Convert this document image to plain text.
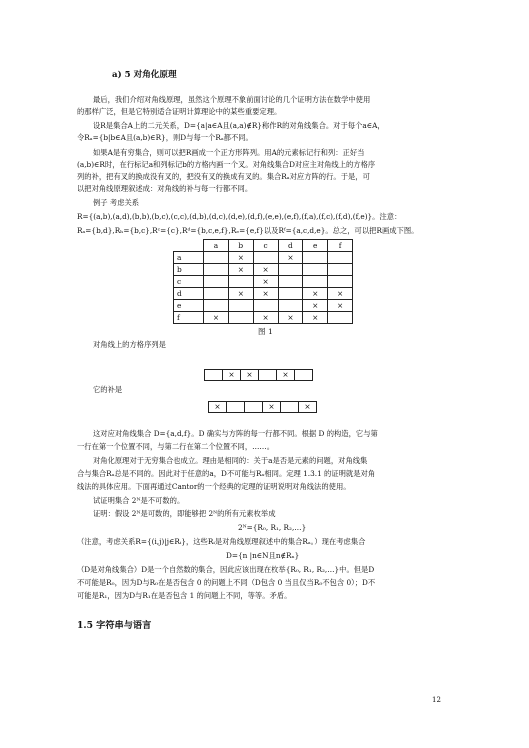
a) 5 对角化原理
最后，我们介绍对角线原理，虽然这个原理不象前面讨论的几个证明方法在数学中使用
的那样广泛，但是它特别适合证明计算理论中的某些重要定理。
设R是集合A上的二元关系，D={a|a∈A且(a,a)∉R}称作R的对角线集合。对于每个a∈A，
令Rₐ={b|b∈A且(a,b)∈R}，则D与每一个Rₐ都不同。
如果A是有穷集合，则可以把R画成一个正方形阵列。用A的元素标记行和列：正好当
(a,b)∈R时，在行标记a和列标记b的方格内画一个叉。对角线集合D对应主对角线上的方格序
列的补，把有叉的换成没有叉的，把没有叉的换成有叉的。集合Rₐ对应方阵的行。于是，可
以把对角线原理叙述成：对角线的补与每一行都不同。
例子 考虑关系
R={(a,b),(a,d),(b,b),(b,c),(c,c),(d,b),(d,c),(d,e),(d,f),(e,e),(e,f),(f,a),(f,c),(f,d),(f,e)}。注意：
Rₐ={b,d},Rₕ={b,c},Rᶜ={c},Rᵈ={b,c,e,f},Rₑ={e,f}以及Rᶠ={a,c,d,e}。总之，可以把R画成下图。
	a	b	c	d	e	f
a		×		×		
b		×	×			
c			×			
d		×	×		×	×
e					×	×
f	×		×	×	×	
图 1
对角线上的方格序列是
	×	×		×	
它的补是
×			×		×
这对应对角线集合 D={a,d,f}。D 确实与方阵的每一行都不同。根据 D 的构造，它与第
一行在第一个位置不同，与第二行在第二个位置不同，……。
对角化原理对于无穷集合也成立。理由是相同的：关于a是否是元素的问题，对角线集
合与集合Rₐ总是不同的。因此对于任意的a，D不可能与Rₐ相同。定理 1.3.1 的证明就是对角
线法的具体应用。下面再通过Cantor的一个经典的定理的证明说明对角线法的使用。
试证明集合 2ᴺ是不可数的。
证明：假设 2ᴺ是可数的，即能够把 2ᴺ的所有元素枚举成
2ᴺ={R₀, R₁, R₂,…}
（注意，考虑关系R={(i,j)|j∈Rᵢ}，这些Rᵢ是对角线原理叙述中的集合Rₐ。）现在考虑集合
D={n |n∈N且n∉Rₙ}
（D是对角线集合）D是一个自然数的集合，因此应该出现在枚举{R₀, R₁, R₂,…}中。但是D
不可能是R₀，因为D与R₀在是否包含 0 的问题上不同（D包含 0 当且仅当R₀不包含 0）；D不
可能是R₁，因为D与R₁在是否包含 1 的问题上不同，等等。矛盾。
1.5 字符串与语言
12
